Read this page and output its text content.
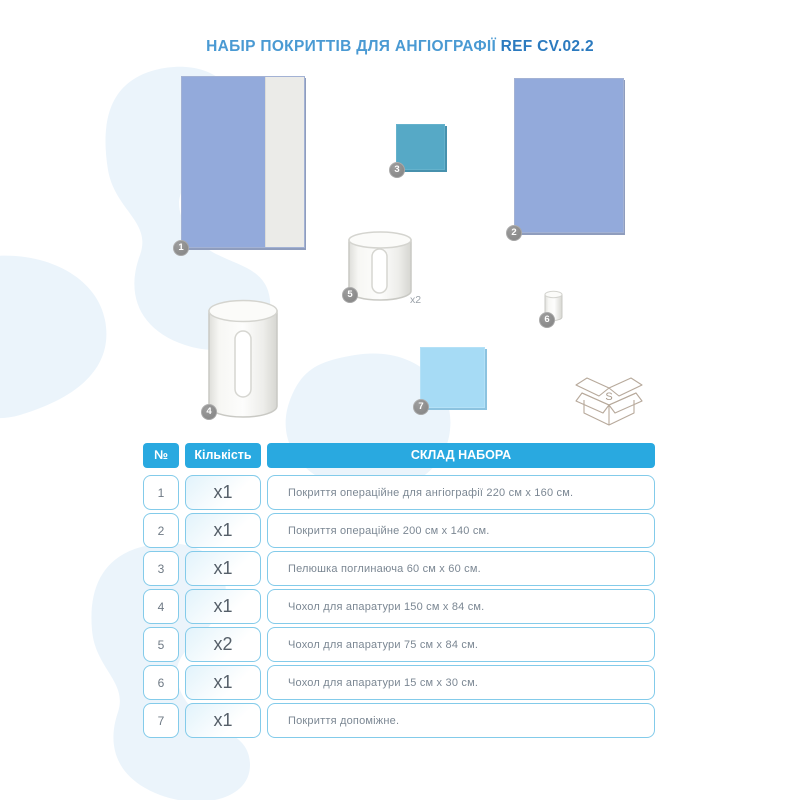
НАБІР ПОКРИТТІВ ДЛЯ АНГІОГРАФІЇ REF CV.02.2
S
1
2
3
4
5
6
7
x2
№	Кількість	СКЛАД НАБОРА
1	x1	Покриття операційне для ангіографії 220 см х 160 см.
2	x1	Покриття операційне 200 см х 140 см.
3	x1	Пелюшка поглинаюча 60 см х 60 см.
4	x1	Чохол для апаратури 150 см х 84 см.
5	x2	Чохол для апаратури 75 см х 84 см.
6	x1	Чохол для апаратури 15 см х 30 см.
7	x1	Покриття допоміжне.
